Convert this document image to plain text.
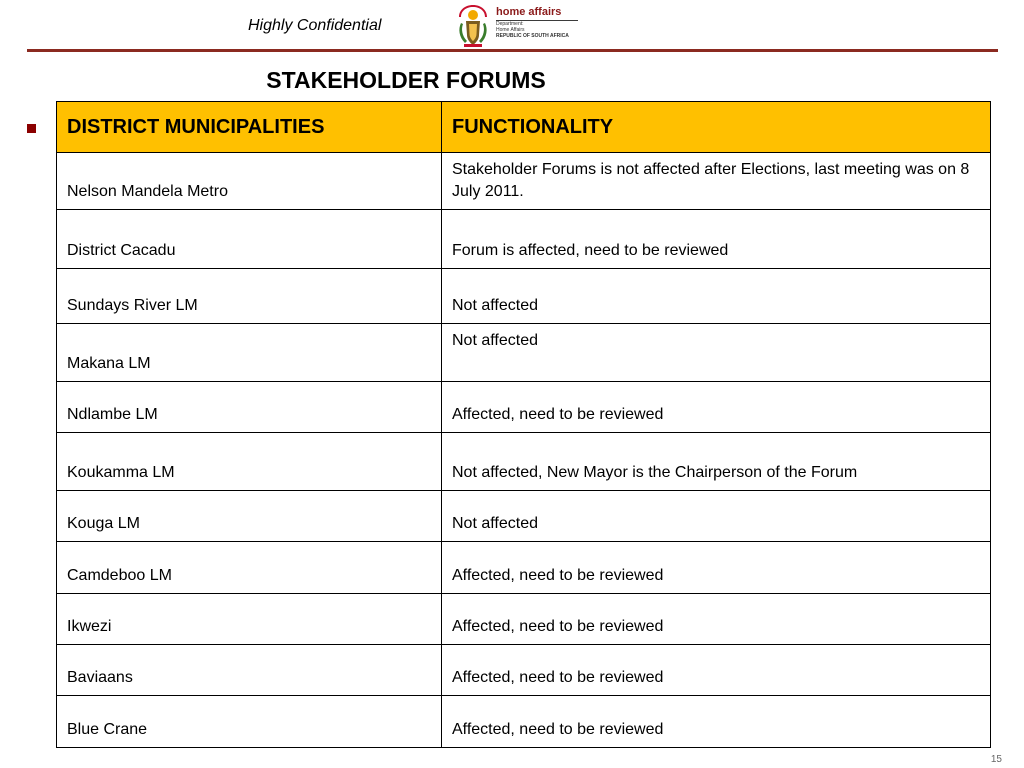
Highly Confidential
home affairs
Department:
Home Affairs
REPUBLIC OF SOUTH AFRICA
STAKEHOLDER FORUMS
DISTRICT MUNICIPALITIES	FUNCTIONALITY
Nelson Mandela Metro	Stakeholder Forums is not affected after Elections, last meeting was on 8 July 2011.
District Cacadu	Forum is affected, need to be reviewed
Sundays River LM	Not affected
Makana LM	Not affected
Ndlambe LM	Affected, need to be reviewed
Koukamma LM	Not affected, New Mayor is the Chairperson of the Forum
Kouga LM	Not affected
Camdeboo LM	Affected, need to be reviewed
Ikwezi	Affected, need to be reviewed
Baviaans	Affected, need to be reviewed
Blue Crane	Affected, need to be reviewed
15
